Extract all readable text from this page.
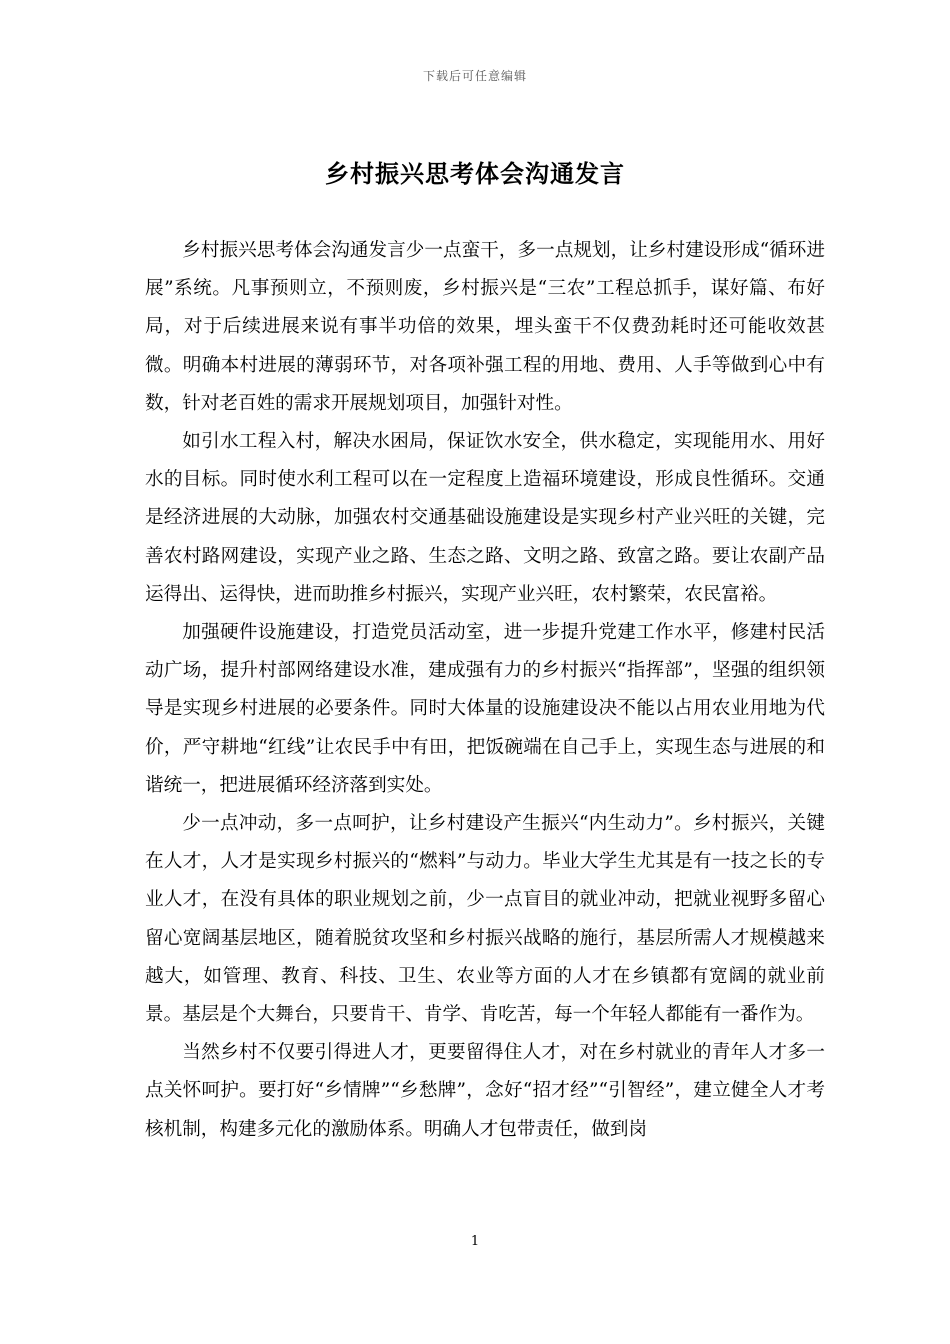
下载后可任意编辑
乡村振兴思考体会沟通发言

乡村振兴思考体会沟通发言少一点蛮干，多一点规划，让乡村建设形成“循环进展”系统。凡事预则立，不预则废，乡村振兴是“三农”工程总抓手，谋好篇、布好局，对于后续进展来说有事半功倍的效果，埋头蛮干不仅费劲耗时还可能收效甚微。明确本村进展的薄弱环节，对各项补强工程的用地、费用、人手等做到心中有数，针对老百姓的需求开展规划项目，加强针对性。

如引水工程入村，解决水困局，保证饮水安全，供水稳定，实现能用水、用好水的目标。同时使水利工程可以在一定程度上造福环境建设，形成良性循环。交通是经济进展的大动脉，加强农村交通基础设施建设是实现乡村产业兴旺的关键，完善农村路网建设，实现产业之路、生态之路、文明之路、致富之路。要让农副产品运得出、运得快，进而助推乡村振兴，实现产业兴旺，农村繁荣，农民富裕。

加强硬件设施建设，打造党员活动室，进一步提升党建工作水平，修建村民活动广场，提升村部网络建设水准，建成强有力的乡村振兴“指挥部”，坚强的组织领导是实现乡村进展的必要条件。同时大体量的设施建设决不能以占用农业用地为代价，严守耕地“红线”让农民手中有田，把饭碗端在自己手上，实现生态与进展的和谐统一，把进展循环经济落到实处。

少一点冲动，多一点呵护，让乡村建设产生振兴“内生动力”。乡村振兴，关键在人才，人才是实现乡村振兴的“燃料”与动力。毕业大学生尤其是有一技之长的专业人才，在没有具体的职业规划之前，少一点盲目的就业冲动，把就业视野多留心留心宽阔基层地区，随着脱贫攻坚和乡村振兴战略的施行，基层所需人才规模越来越大，如管理、教育、科技、卫生、农业等方面的人才在乡镇都有宽阔的就业前景。基层是个大舞台，只要肯干、肯学、肯吃苦，每一个年轻人都能有一番作为。

当然乡村不仅要引得进人才，更要留得住人才，对在乡村就业的青年人才多一点关怀呵护。要打好“乡情牌”“乡愁牌”，念好“招才经”“引智经”，建立健全人才考核机制，构建多元化的激励体系。明确人才包带责任，做到岗

1
